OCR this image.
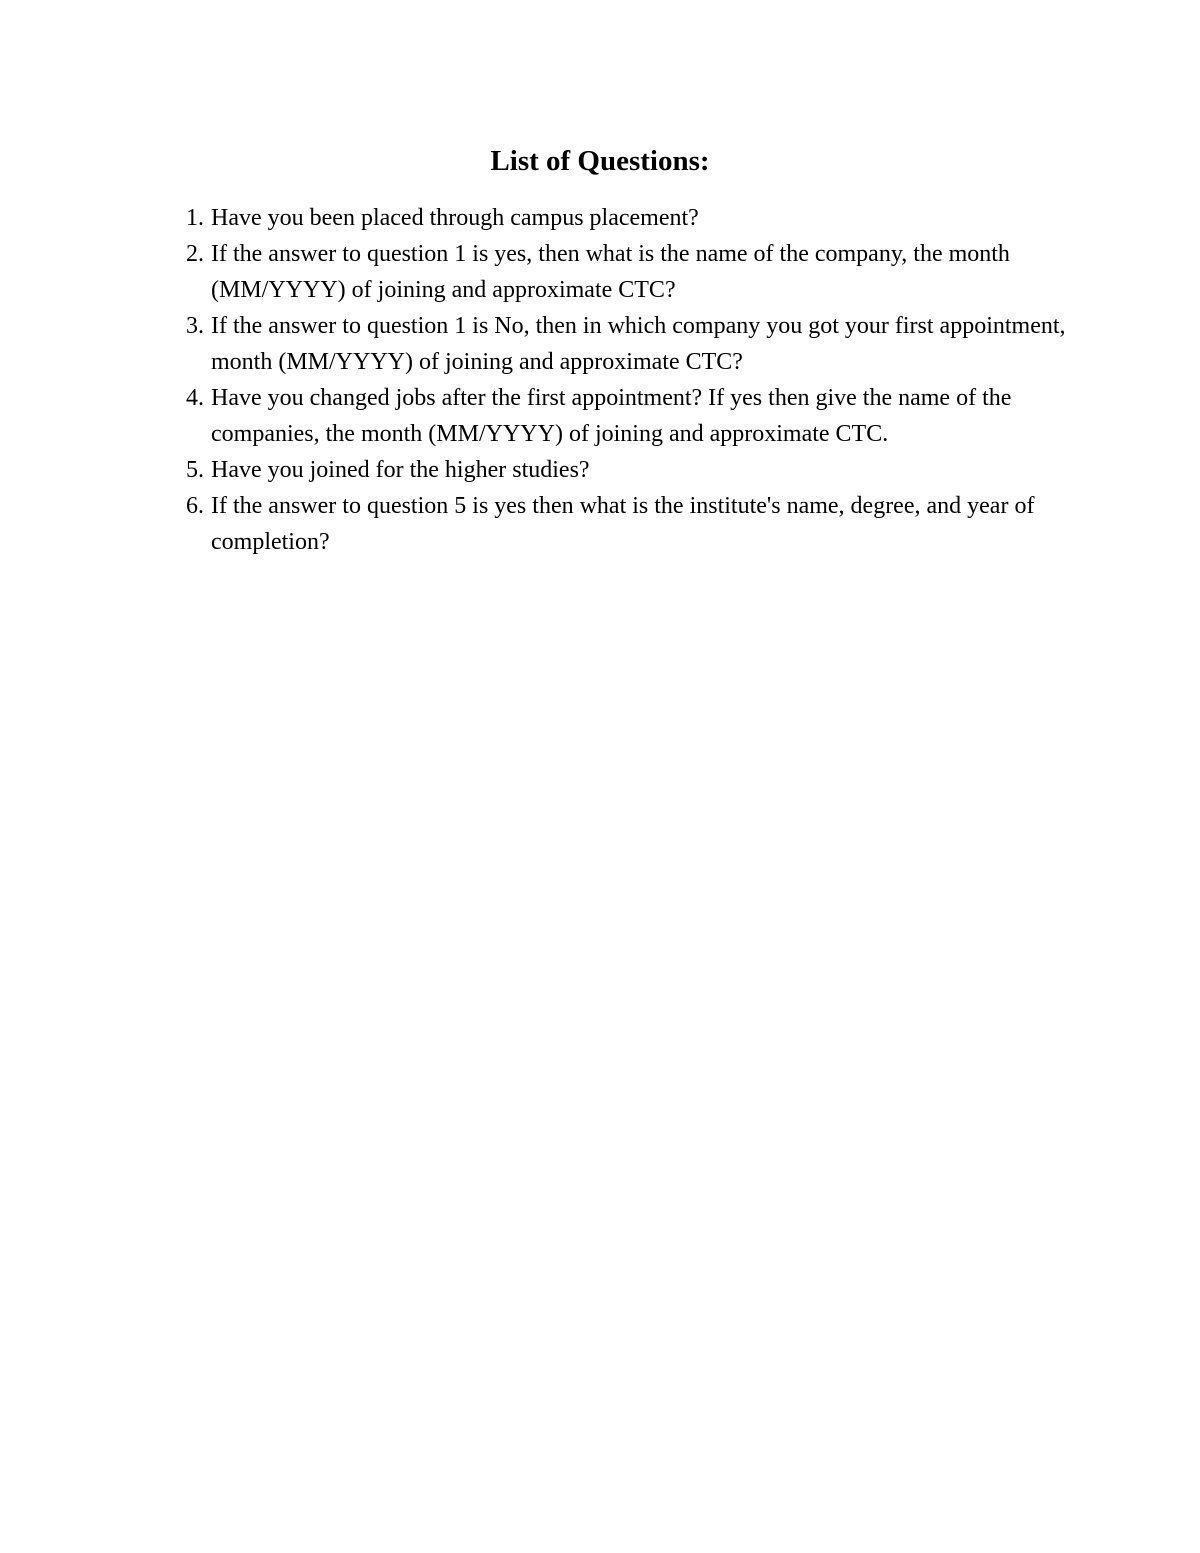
List of Questions:
1. Have you been placed through campus placement?
2. If the answer to question 1 is yes, then what is the name of the company, the month (MM/YYYY) of joining and approximate CTC?
3. If the answer to question 1 is No, then in which company you got your first appointment, month (MM/YYYY) of joining and approximate CTC?
4. Have you changed jobs after the first appointment? If yes then give the name of the companies, the month (MM/YYYY) of joining and approximate CTC.
5. Have you joined for the higher studies?
6. If the answer to question 5 is yes then what is the institute's name, degree, and year of completion?
